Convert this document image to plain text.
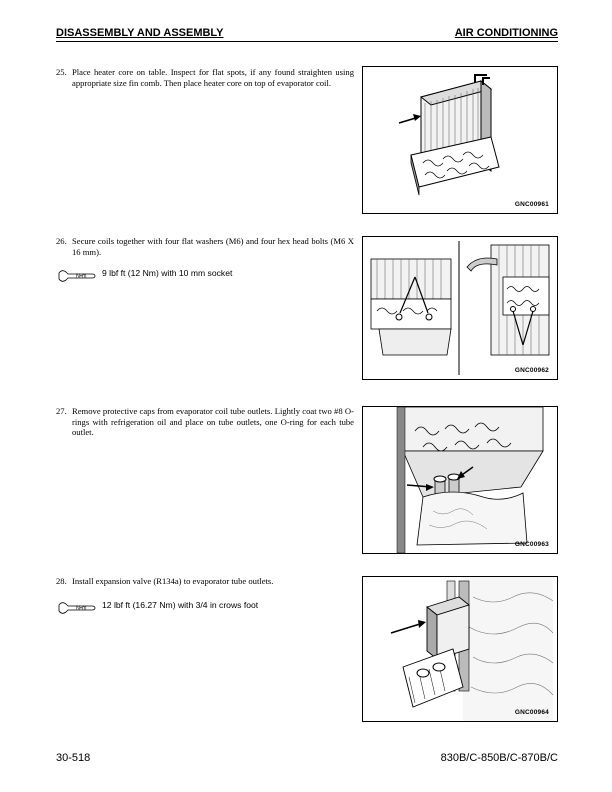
DISASSEMBLY AND ASSEMBLY	AIR CONDITIONING
25. Place heater core on table. Inspect for flat spots, if any found straighten using appropriate size fin comb. Then place heater core on top of evaporator coil.
GNC00961
26. Secure coils together with four flat washers (M6) and four hex head bolts (M6 X 16 mm).
N•m 9 lbf ft (12 Nm) with 10 mm socket
GNC00962
27. Remove protective caps from evaporator coil tube outlets. Lightly coat two #8 O-rings with refrigeration oil and place on tube outlets, one O-ring for each tube outlet.
GNC00963
28. Install expansion valve (R134a) to evaporator tube outlets.
N•m 12 lbf ft (16.27 Nm) with 3/4 in crows foot
GNC00964
30-518	830B/C-850B/C-870B/C
